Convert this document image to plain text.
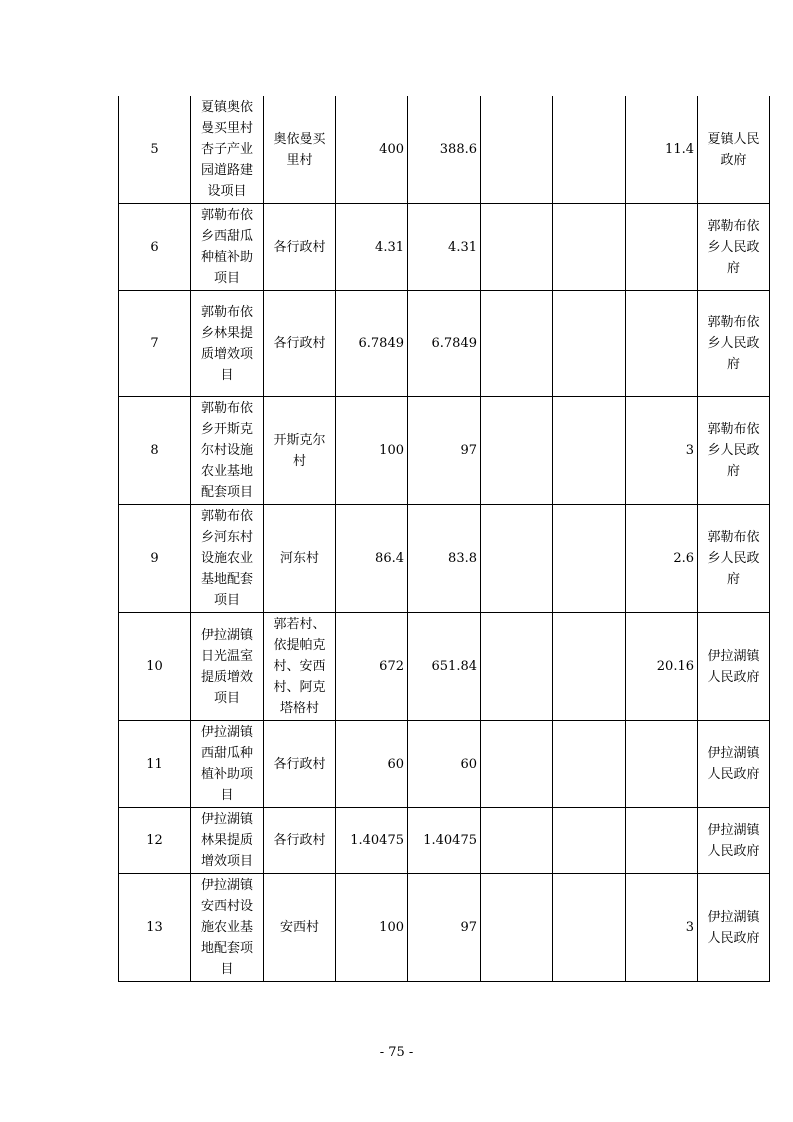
5	夏镇奥依
曼买里村
杏子产业
园道路建
设项目	奥依曼买
里村	400	388.6			11.4	夏镇人民
政府
6	郭勒布依
乡西甜瓜
种植补助
项目	各行政村	4.31	4.31				郭勒布依
乡人民政
府
7	郭勒布依
乡林果提
质增效项
目	各行政村	6.7849	6.7849				郭勒布依
乡人民政
府
8	郭勒布依
乡开斯克
尔村设施
农业基地
配套项目	开斯克尔
村	100	97			3	郭勒布依
乡人民政
府
9	郭勒布依
乡河东村
设施农业
基地配套
项目	河东村	86.4	83.8			2.6	郭勒布依
乡人民政
府
10	伊拉湖镇
日光温室
提质增效
项目	郭若村、
依提帕克
村、安西
村、阿克
塔格村	672	651.84			20.16	伊拉湖镇
人民政府
11	伊拉湖镇
西甜瓜种
植补助项
目	各行政村	60	60				伊拉湖镇
人民政府
12	伊拉湖镇
林果提质
增效项目	各行政村	1.40475	1.40475				伊拉湖镇
人民政府
13	伊拉湖镇
安西村设
施农业基
地配套项
目	安西村	100	97			3	伊拉湖镇
人民政府
- 75 -
